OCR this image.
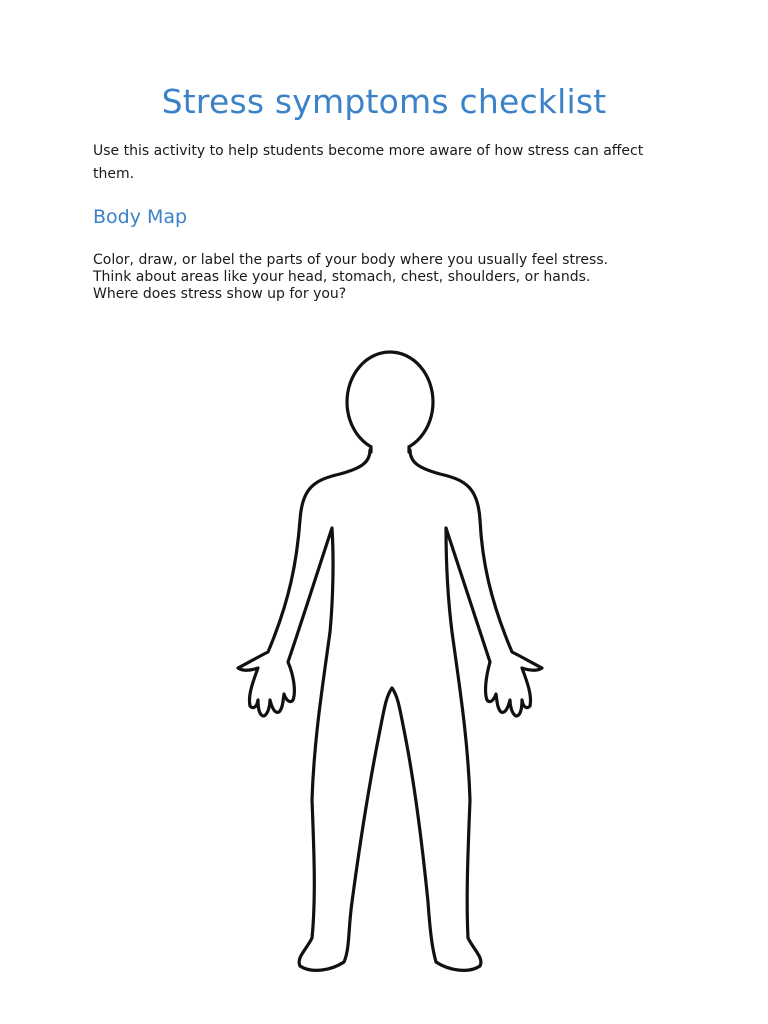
Stress symptoms checklist

Use this activity to help students become more aware of how stress can affect them.

Body Map

Color, draw, or label the parts of your body where you usually feel stress.
Think about areas like your head, stomach, chest, shoulders, or hands.
Where does stress show up for you?
